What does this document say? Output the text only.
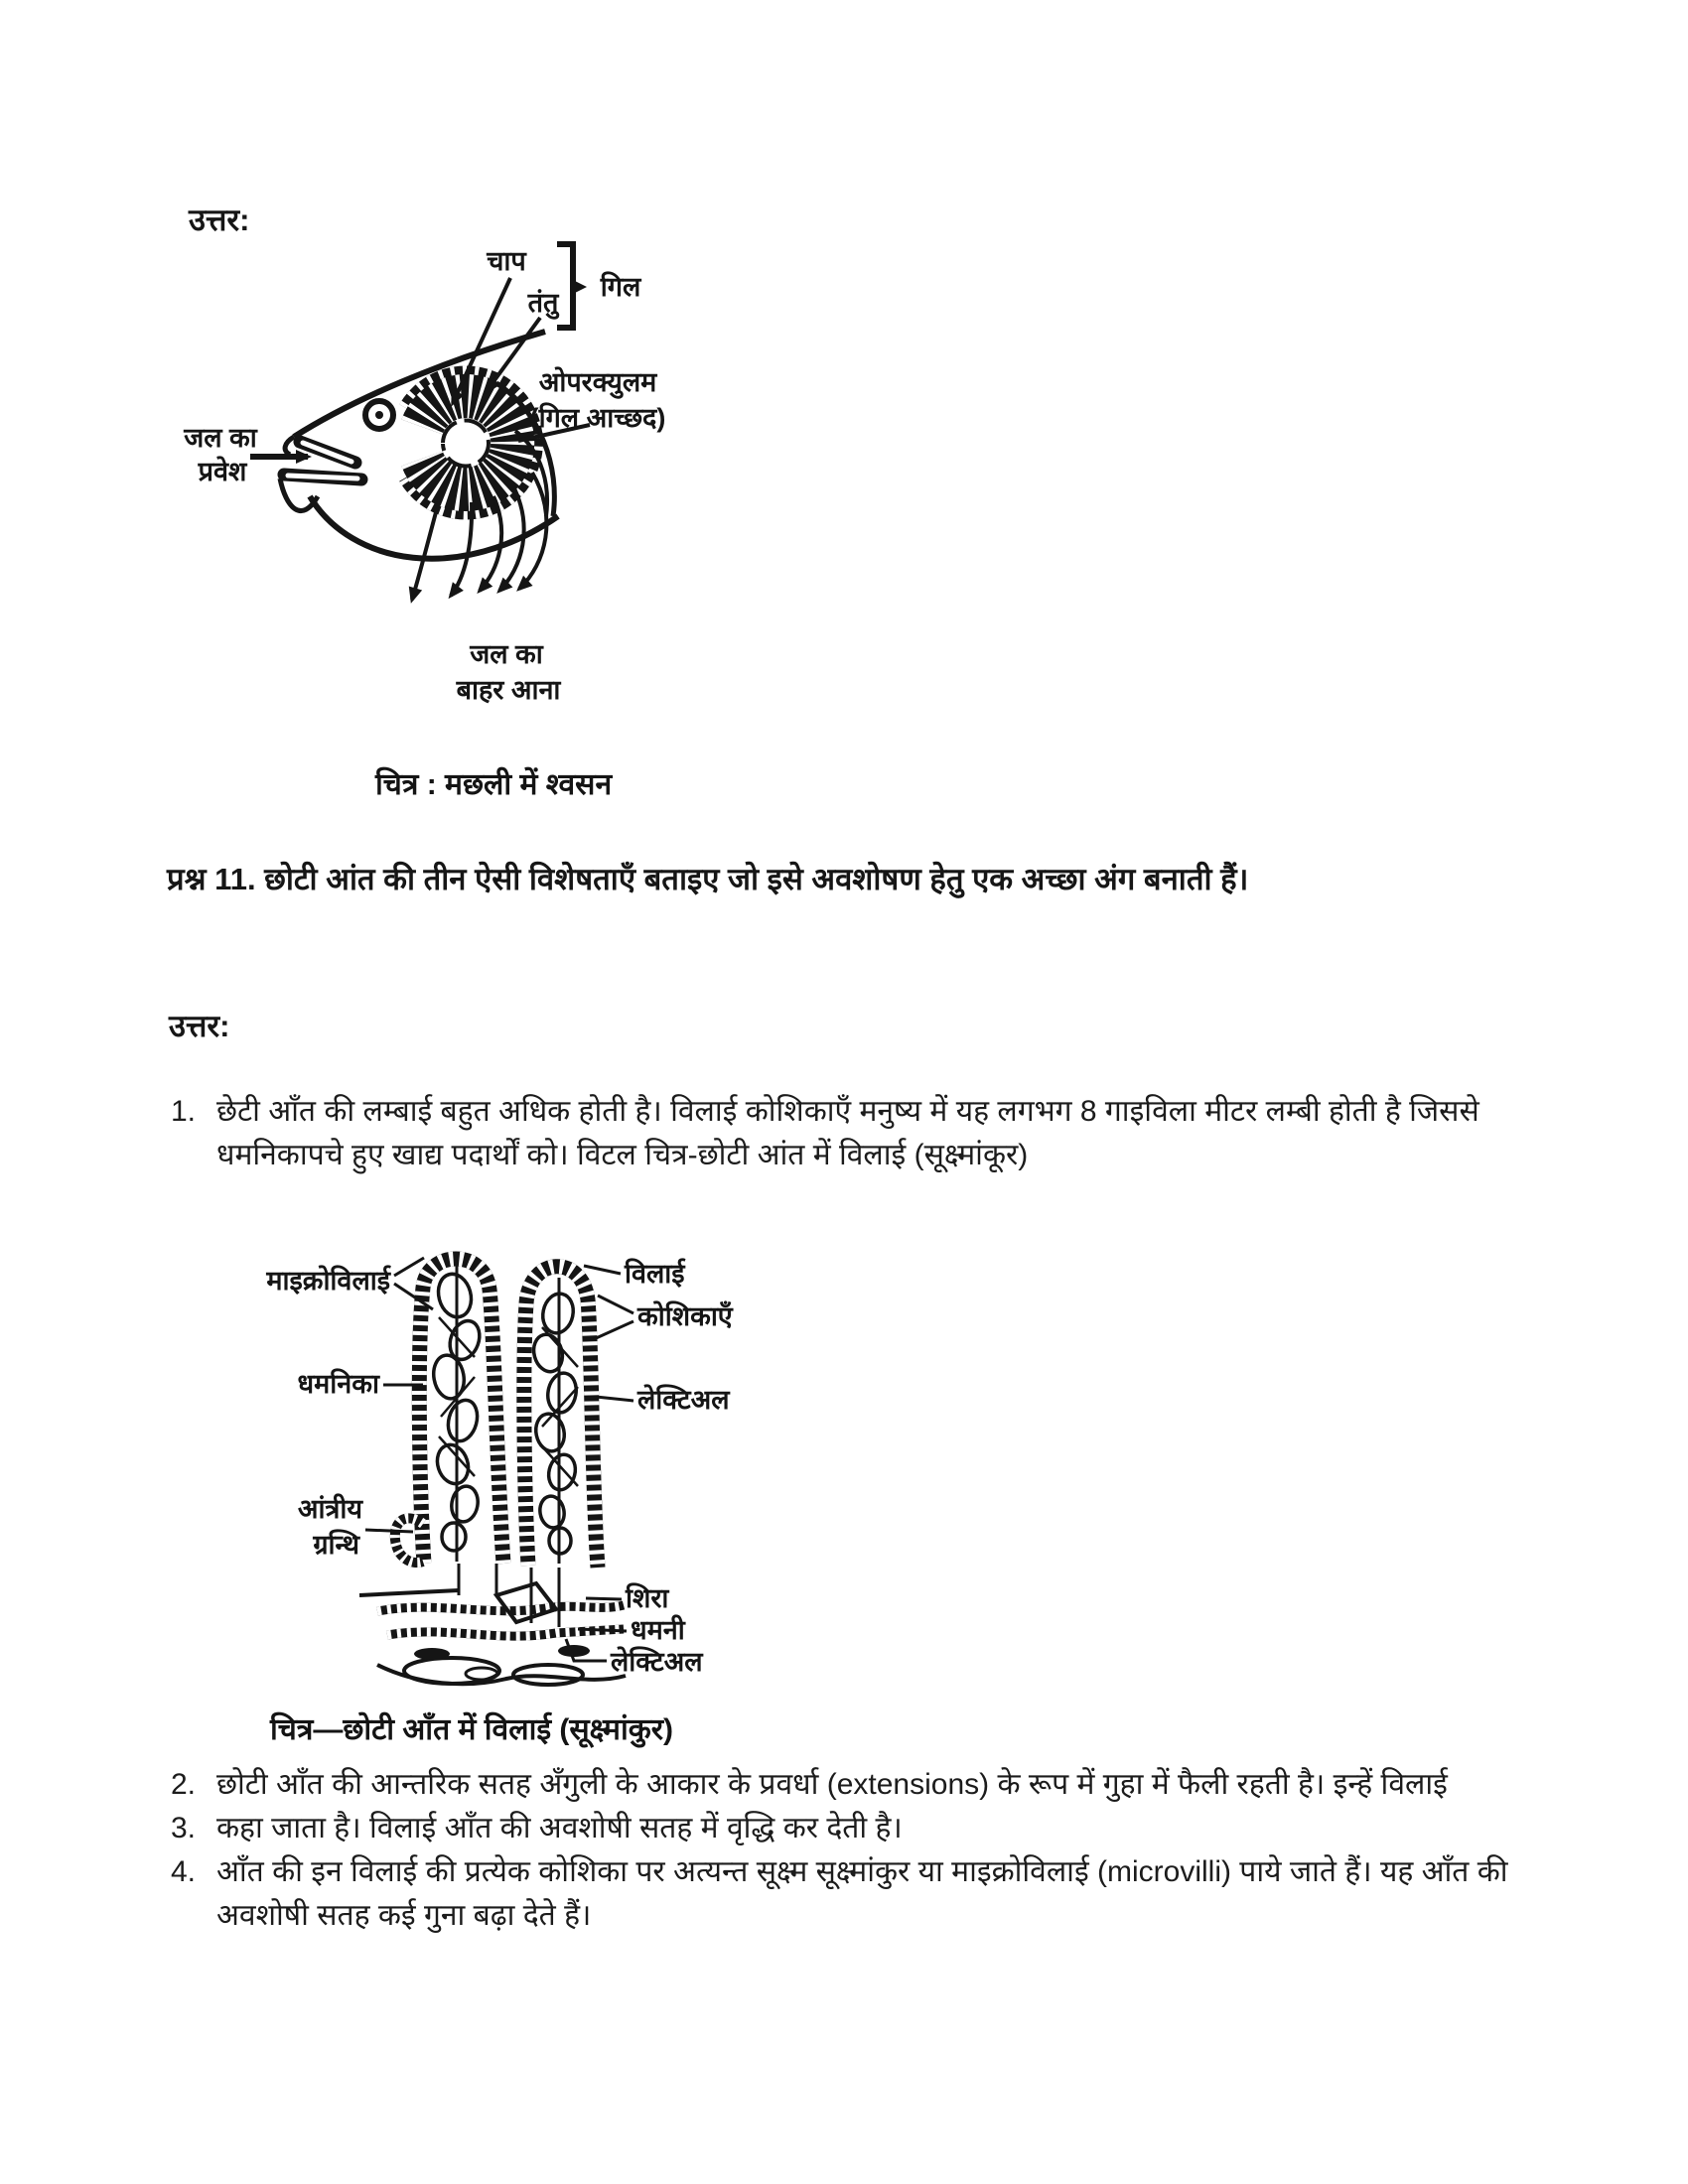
उत्तर:
चाप
तंतु
गिल
ओपरक्युलम
(गिल आच्छद)
जल का
प्रवेश
जल का
बाहर आना
चित्र : मछली में श्वसन
प्रश्न 11. छोटी आंत की तीन ऐसी विशेषताएँ बताइए जो इसे अवशोषण हेतु एक अच्छा अंग बनाती हैं।
उत्तर:
1. छेटी आँत की लम्बाई बहुत अधिक होती है। विलाई कोशिकाएँ मनुष्य में यह लगभग 8 गाइविला मीटर लम्बी होती है जिससे धमनिकापचे हुए खाद्य पदार्थों को। विटल चित्र-छोटी आंत में विलाई (सूक्ष्मांकूर)
माइक्रोविलाई	विलाई
कोशिकाएँ
धमनिका
लेक्टिअल
आंत्रीय
ग्रन्थि
शिरा
धमनी
लेक्टिअल
चित्र—छोटी आँत में विलाई (सूक्ष्मांकुर)
2. छोटी आँत की आन्तरिक सतह अँगुली के आकार के प्रवर्धा (extensions) के रूप में गुहा में फैली रहती है। इन्हें विलाई
3. कहा जाता है। विलाई आँत की अवशोषी सतह में वृद्धि कर देती है।
4. आँत की इन विलाई की प्रत्येक कोशिका पर अत्यन्त सूक्ष्म सूक्ष्मांकुर या माइक्रोविलाई (microvilli) पाये जाते हैं। यह आँत की अवशोषी सतह कई गुना बढ़ा देते हैं।
